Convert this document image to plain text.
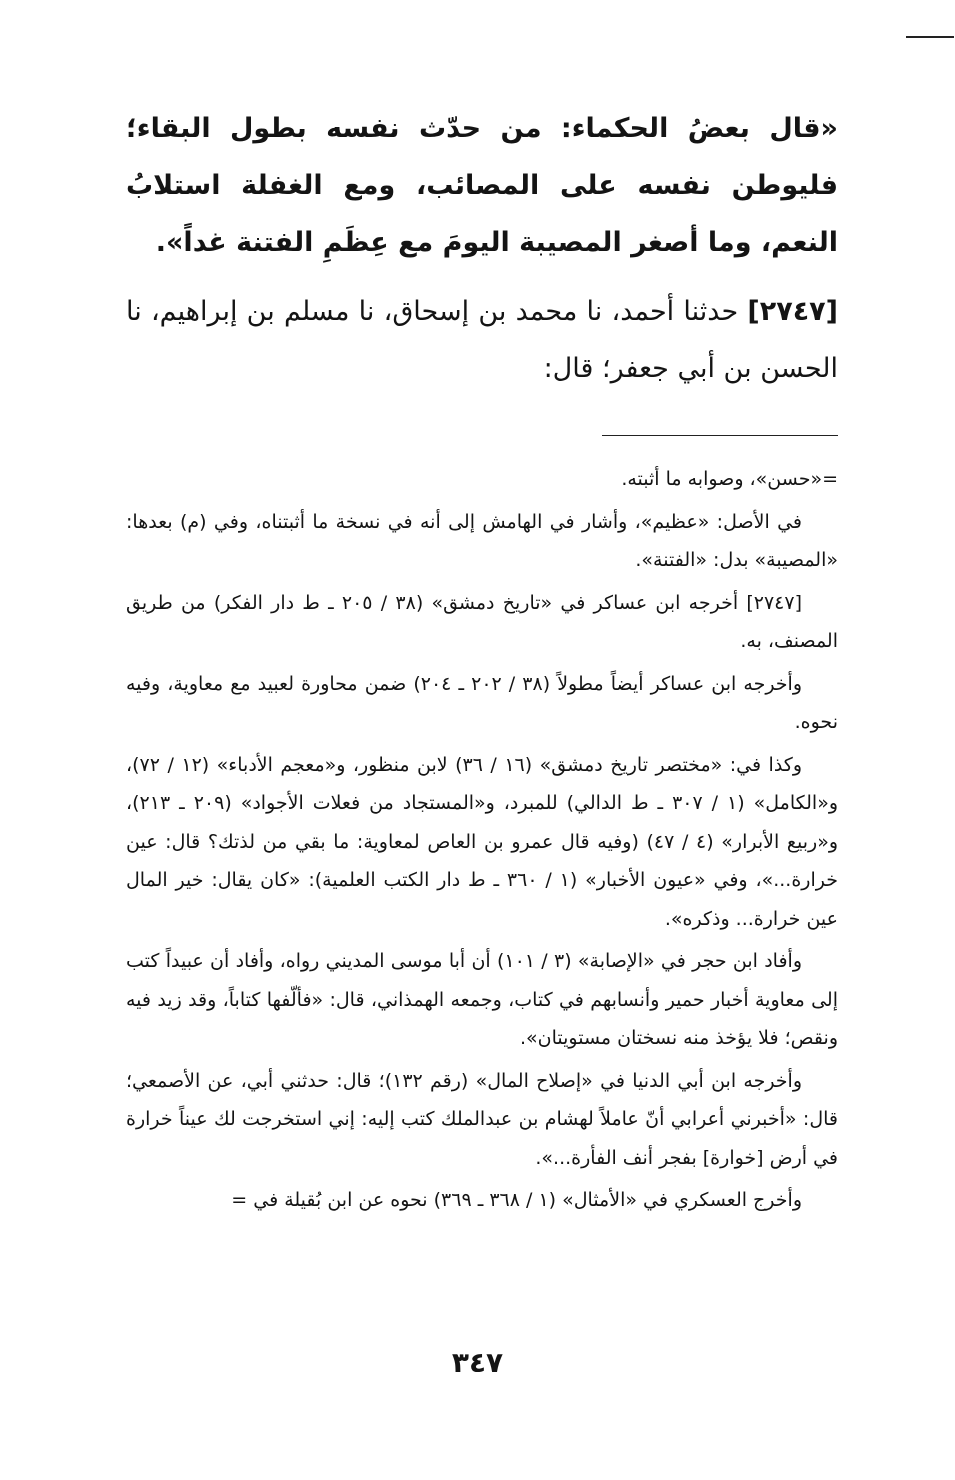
«قال بعضُ الحكماء: من حدّث نفسه بطول البقاء؛ فليوطن نفسه على المصائب، ومع الغفلة استلابُ النعم، وما أصغر المصيبة اليومَ مع عِظَمِ الفتنة غداً».

[٢٧٤٧] حدثنا أحمد، نا محمد بن إسحاق، نا مسلم بن إبراهيم، نا الحسن بن أبي جعفر؛ قال:

=«حسن»، وصوابه ما أثبته.

في الأصل: «عظيم»، وأشار في الهامش إلى أنه في نسخة ما أثبتناه، وفي (م) بعدها: «المصيبة» بدل: «الفتنة».

[٢٧٤٧] أخرجه ابن عساكر في «تاريخ دمشق» (٣٨ / ٢٠٥ ـ ط دار الفكر) من طريق المصنف، به.

وأخرجه ابن عساكر أيضاً مطولاً (٣٨ / ٢٠٢ ـ ٢٠٤) ضمن محاورة لعبيد مع معاوية، وفيه نحوه.

وكذا في: «مختصر تاريخ دمشق» (١٦ / ٣٦) لابن منظور، و«معجم الأدباء» (١٢ / ٧٢)، و«الكامل» (١ / ٣٠٧ ـ ط الدالي) للمبرد، و«المستجاد من فعلات الأجواد» (٢٠٩ ـ ٢١٣)، و«ربيع الأبرار» (٤ / ٤٧) (وفيه قال عمرو بن العاص لمعاوية: ما بقي من لذتك؟ قال: عين خرارة...»، وفي «عيون الأخبار» (١ / ٣٦٠ ـ ط دار الكتب العلمية): «كان يقال: خير المال عين خرارة... وذكره».

وأفاد ابن حجر في «الإصابة» (٣ / ١٠١) أن أبا موسى المديني رواه، وأفاد أن عبيداً كتب إلى معاوية أخبار حمير وأنسابهم في كتاب، وجمعه الهمذاني، قال: «فألّفها كتاباً، وقد زيد فيه ونقص؛ فلا يؤخذ منه نسختان مستويتان».

وأخرجه ابن أبي الدنيا في «إصلاح المال» (رقم ١٣٢)؛ قال: حدثني أبي، عن الأصمعي؛ قال: «أخبرني أعرابي أنّ عاملاً لهشام بن عبدالملك كتب إليه: إني استخرجت لك عيناً خرارة في أرض [خوارة] بفجر أنف الفأرة...».

وأخرج العسكري في «الأمثال» (١ / ٣٦٨ ـ ٣٦٩) نحوه عن ابن بُقيلة في =

٣٤٧
